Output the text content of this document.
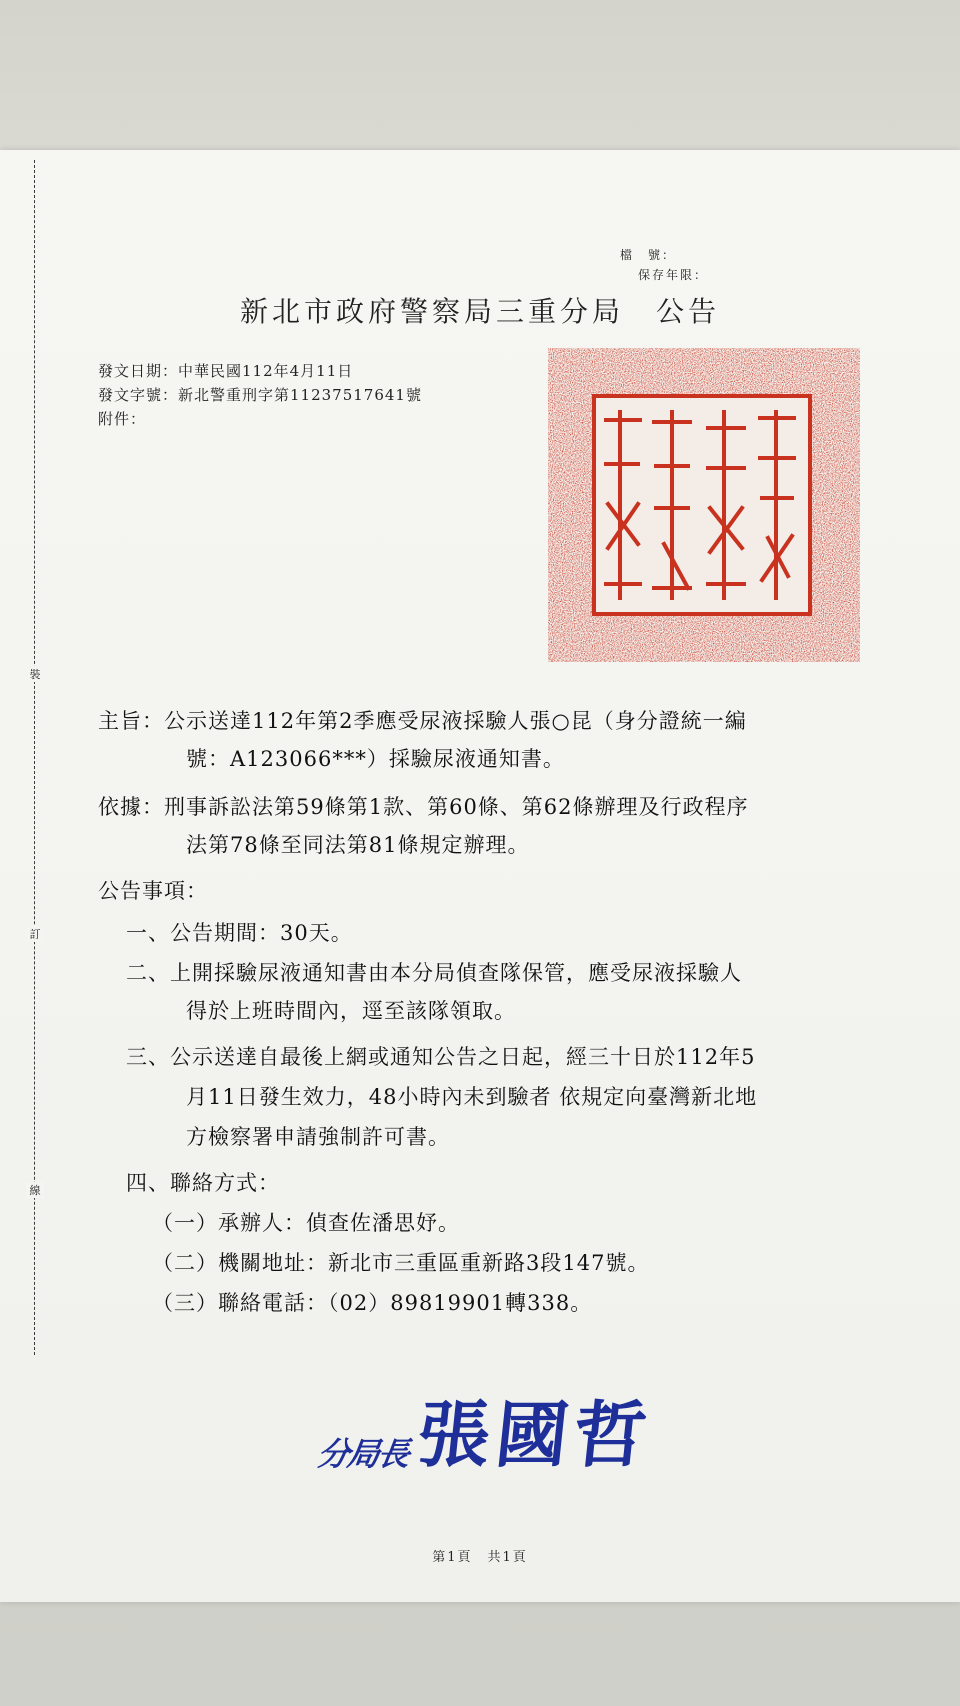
裝
訂
線
檔　號：
保存年限：
新北市政府警察局三重分局　公告
發文日期：中華民國112年4月11日
發文字號：新北警重刑字第11237517641號
附件：
主旨：公示送達112年第2季應受尿液採驗人張○昆（身分證統一編
號：A123066***）採驗尿液通知書。
依據：刑事訴訟法第59條第1款、第60條、第62條辦理及行政程序
法第78條至同法第81條規定辦理。
公告事項：
一、公告期間：30天。
二、上開採驗尿液通知書由本分局偵查隊保管，應受尿液採驗人
得於上班時間內，逕至該隊領取。
三、公示送達自最後上網或通知公告之日起，經三十日於112年5
月11日發生效力，48小時內未到驗者 依規定向臺灣新北地
方檢察署申請強制許可書。
四、聯絡方式：
（一）承辦人：偵查佐潘思妤。
（二）機關地址：新北市三重區重新路3段147號。
（三）聯絡電話：（02）89819901轉338。
分局長 張國哲
第1頁　共1頁
